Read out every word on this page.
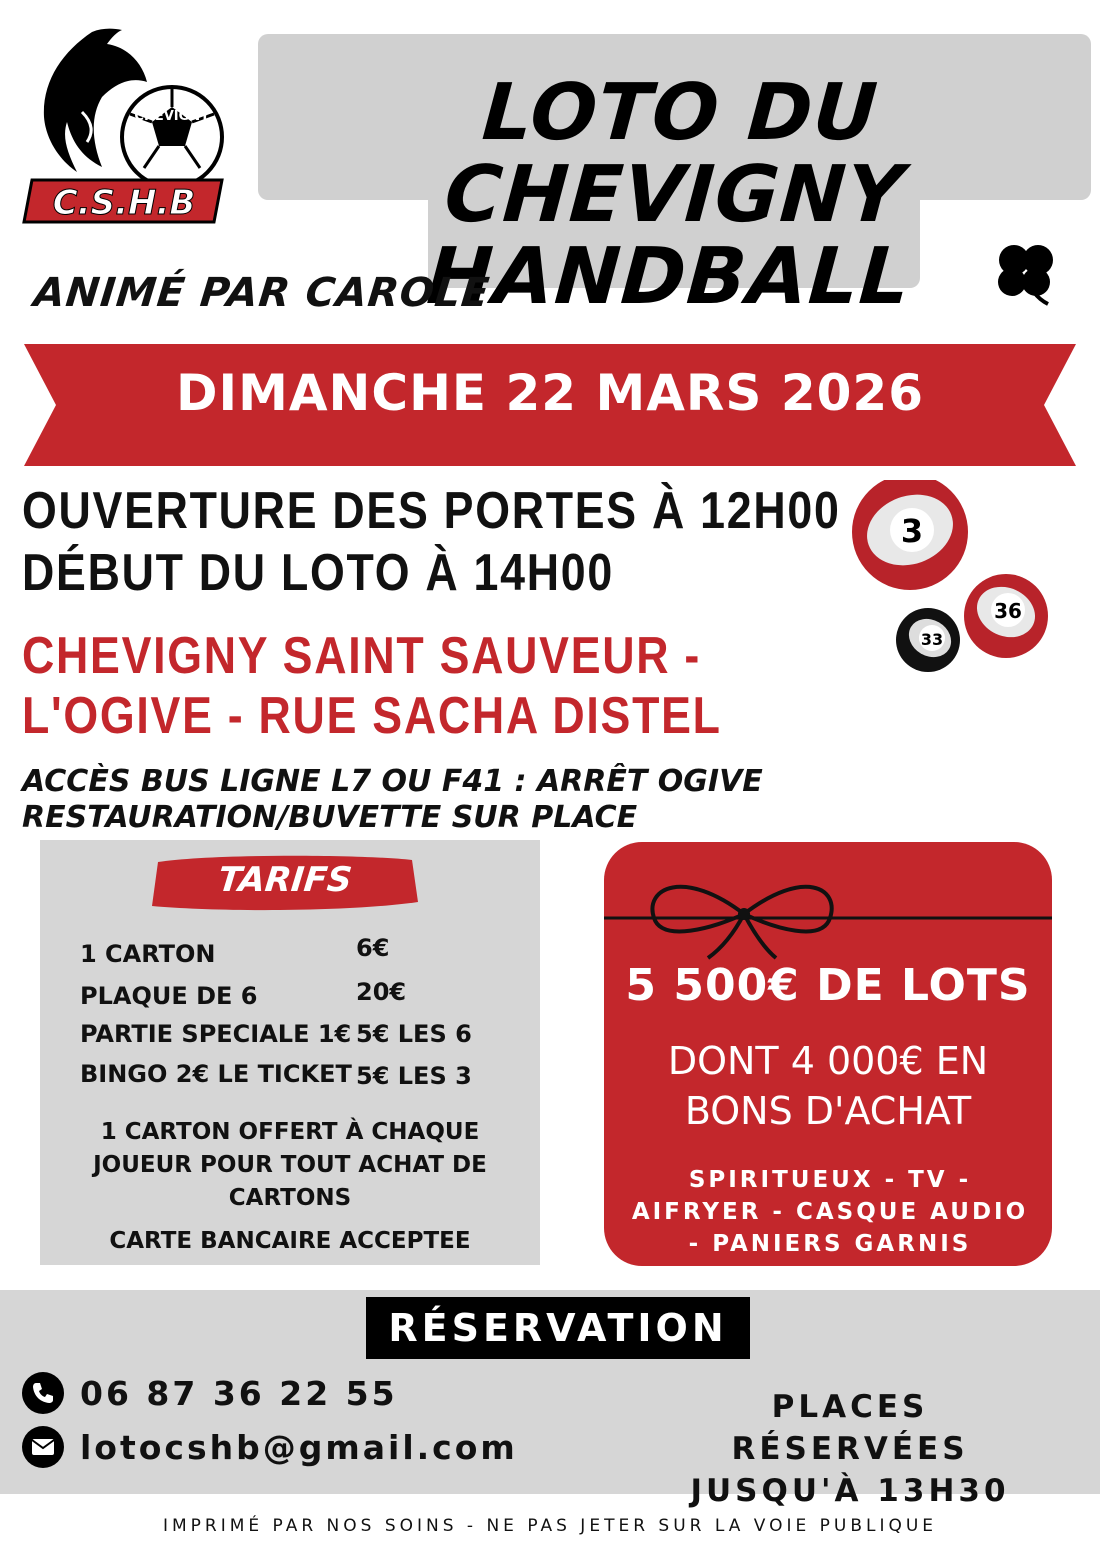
CHEVIGNY
C.S.H.B
LOTO DU CHEVIGNY
HANDBALL
ANIMÉ PAR CAROLE
DIMANCHE 22 MARS 2026
OUVERTURE DES PORTES À 12H00
DÉBUT DU LOTO À 14H00
CHEVIGNY SAINT SAUVEUR -
L'OGIVE - RUE SACHA DISTEL
3
36
33
ACCÈS BUS LIGNE L7 OU F41 : ARRÊT OGIVE
RESTAURATION/BUVETTE SUR PLACE
TARIFS
1 CARTON	6€
PLAQUE DE 6	20€
PARTIE SPECIALE 1€ 5€ LES 6
BINGO 2€ LE TICKET 5€ LES 3
1 CARTON OFFERT À CHAQUE JOUEUR POUR TOUT ACHAT DE CARTONS
CARTE BANCAIRE ACCEPTEE
5 500€ DE LOTS
DONT 4 000€ EN
BONS D'ACHAT
SPIRITUEUX - TV - AIFRYER - CASQUE AUDIO - PANIERS GARNIS
RÉSERVATION
06 87 36 22 55
lotocshb@gmail.com
PLACES RÉSERVÉES
JUSQU'À 13H30
IMPRIMÉ PAR NOS SOINS - NE PAS JETER SUR LA VOIE PUBLIQUE
